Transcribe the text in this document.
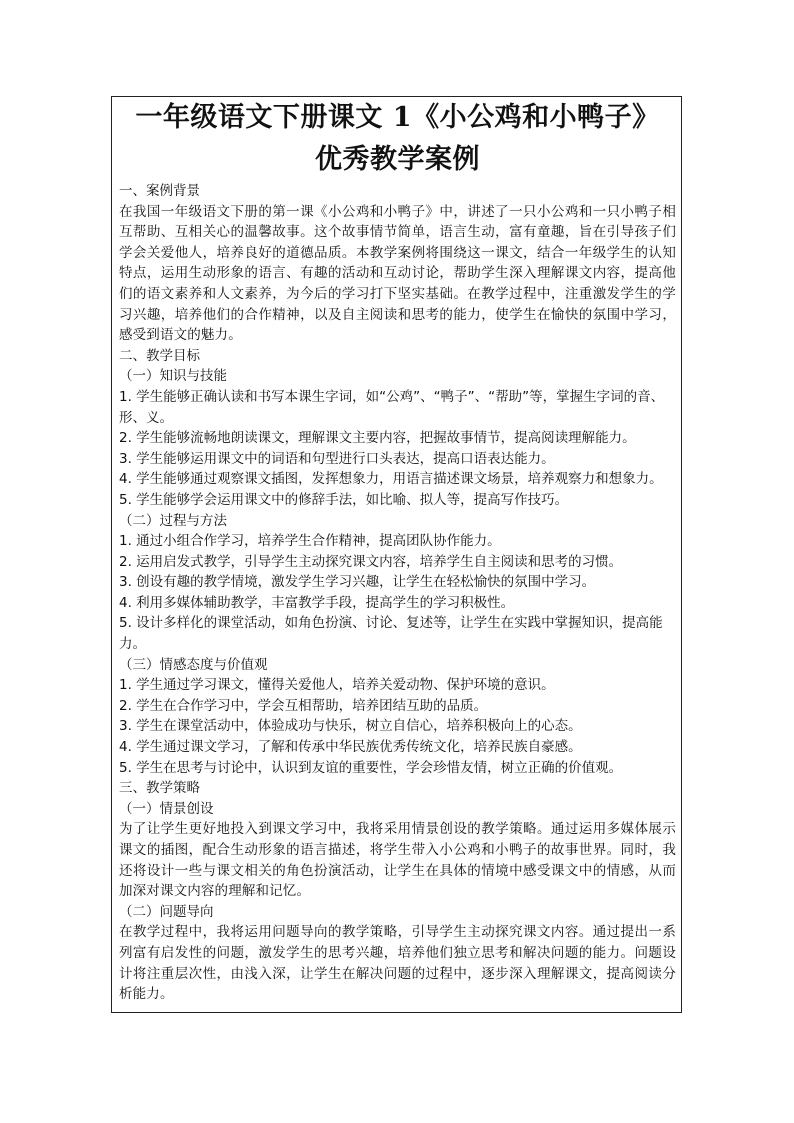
一年级语文下册课文 1《小公鸡和小鸭子》
优秀教学案例

一、案例背景

在我国一年级语文下册的第一课《小公鸡和小鸭子》中，讲述了一只小公鸡和一只小鸭子相互帮助、互相关心的温馨故事。这个故事情节简单，语言生动，富有童趣，旨在引导孩子们学会关爱他人，培养良好的道德品质。本教学案例将围绕这一课文，结合一年级学生的认知特点，运用生动形象的语言、有趣的活动和互动讨论，帮助学生深入理解课文内容，提高他们的语文素养和人文素养，为今后的学习打下坚实基础。在教学过程中，注重激发学生的学习兴趣，培养他们的合作精神，以及自主阅读和思考的能力，使学生在愉快的氛围中学习，感受到语文的魅力。

二、教学目标

（一）知识与技能

1. 学生能够正确认读和书写本课生字词，如“公鸡”、“鸭子”、“帮助”等，掌握生字词的音、形、义。

2. 学生能够流畅地朗读课文，理解课文主要内容，把握故事情节，提高阅读理解能力。

3. 学生能够运用课文中的词语和句型进行口头表达，提高口语表达能力。

4. 学生能够通过观察课文插图，发挥想象力，用语言描述课文场景，培养观察力和想象力。

5. 学生能够学会运用课文中的修辞手法，如比喻、拟人等，提高写作技巧。

（二）过程与方法

1. 通过小组合作学习，培养学生合作精神，提高团队协作能力。

2. 运用启发式教学，引导学生主动探究课文内容，培养学生自主阅读和思考的习惯。

3. 创设有趣的教学情境，激发学生学习兴趣，让学生在轻松愉快的氛围中学习。

4. 利用多媒体辅助教学，丰富教学手段，提高学生的学习积极性。

5. 设计多样化的课堂活动，如角色扮演、讨论、复述等，让学生在实践中掌握知识，提高能力。

（三）情感态度与价值观

1. 学生通过学习课文，懂得关爱他人，培养关爱动物、保护环境的意识。

2. 学生在合作学习中，学会互相帮助，培养团结互助的品质。

3. 学生在课堂活动中，体验成功与快乐，树立自信心，培养积极向上的心态。

4. 学生通过课文学习，了解和传承中华民族优秀传统文化，培养民族自豪感。

5. 学生在思考与讨论中，认识到友谊的重要性，学会珍惜友情，树立正确的价值观。

三、教学策略

（一）情景创设

为了让学生更好地投入到课文学习中，我将采用情景创设的教学策略。通过运用多媒体展示课文的插图，配合生动形象的语言描述，将学生带入小公鸡和小鸭子的故事世界。同时，我还将设计一些与课文相关的角色扮演活动，让学生在具体的情境中感受课文中的情感，从而加深对课文内容的理解和记忆。

（二）问题导向

在教学过程中，我将运用问题导向的教学策略，引导学生主动探究课文内容。通过提出一系列富有启发性的问题，激发学生的思考兴趣，培养他们独立思考和解决问题的能力。问题设计将注重层次性，由浅入深，让学生在解决问题的过程中，逐步深入理解课文，提高阅读分析能力。
